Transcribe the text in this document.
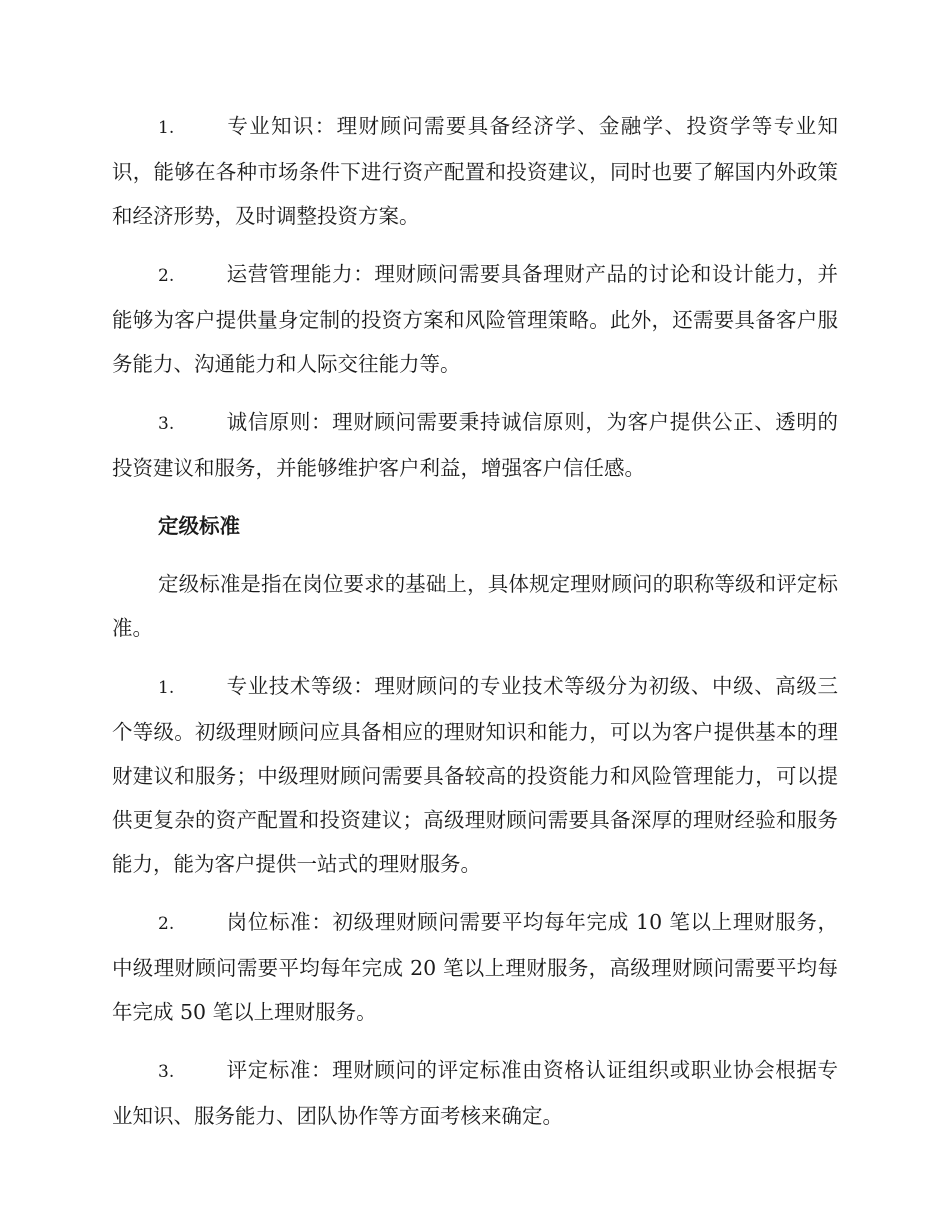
1.	专业知识：理财顾问需要具备经济学、金融学、投资学等专业知识，能够在各种市场条件下进行资产配置和投资建议，同时也要了解国内外政策和经济形势，及时调整投资方案。

2.	运营管理能力：理财顾问需要具备理财产品的讨论和设计能力，并能够为客户提供量身定制的投资方案和风险管理策略。此外，还需要具备客户服务能力、沟通能力和人际交往能力等。

3.	诚信原则：理财顾问需要秉持诚信原则，为客户提供公正、透明的投资建议和服务，并能够维护客户利益，增强客户信任感。

定级标准

定级标准是指在岗位要求的基础上，具体规定理财顾问的职称等级和评定标准。

1.	专业技术等级：理财顾问的专业技术等级分为初级、中级、高级三个等级。初级理财顾问应具备相应的理财知识和能力，可以为客户提供基本的理财建议和服务；中级理财顾问需要具备较高的投资能力和风险管理能力，可以提供更复杂的资产配置和投资建议；高级理财顾问需要具备深厚的理财经验和服务能力，能为客户提供一站式的理财服务。

2.	岗位标准：初级理财顾问需要平均每年完成 10 笔以上理财服务，中级理财顾问需要平均每年完成 20 笔以上理财服务，高级理财顾问需要平均每年完成 50 笔以上理财服务。

3.	评定标准：理财顾问的评定标准由资格认证组织或职业协会根据专业知识、服务能力、团队协作等方面考核来确定。
